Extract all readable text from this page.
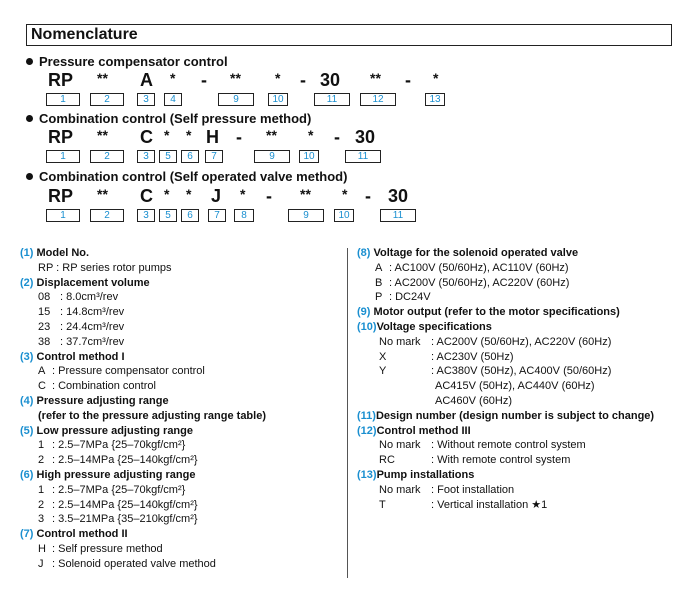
Nomenclature
Pressure compensator control
RP ** A * - ** * - 30 ** - *
1	2	3	4	9	10	11	12	13
Combination control (Self pressure method)
RP ** C * * H - ** * - 30
1	2	3	5	6	7	9	10	11
Combination control (Self operated valve method)
RP ** C * * J * - ** * - 30
1	2	3	5	6	7	8	9	10	11
(1) Model No.
RP : RP series rotor pumps
(2) Displacement volume
08 : 8.0cm³/rev
15 : 14.8cm³/rev
23 : 24.4cm³/rev
38 : 37.7cm³/rev
(3) Control method I
A : Pressure compensator control
C : Combination control
(4) Pressure adjusting range
(refer to the pressure adjusting range table)
(5) Low pressure adjusting range
1 : 2.5–7MPa {25–70kgf/cm²}
2 : 2.5–14MPa {25–140kgf/cm²}
(6) High pressure adjusting range
1 : 2.5–7MPa {25–70kgf/cm²}
2 : 2.5–14MPa {25–140kgf/cm²}
3 : 3.5–21MPa {35–210kgf/cm²}
(7) Control method II
H : Self pressure method
J : Solenoid operated valve method
(8) Voltage for the solenoid operated valve
A : AC100V (50/60Hz), AC110V (60Hz)
B : AC200V (50/60Hz), AC220V (60Hz)
P : DC24V
(9) Motor output (refer to the motor specifications)
(10)Voltage specifications
No mark : AC200V (50/60Hz), AC220V (60Hz)
X	: AC230V (50Hz)
Y	: AC380V (50Hz), AC400V (50/60Hz)
AC415V (50Hz), AC440V (60Hz)
AC460V (60Hz)
(11)Design number (design number is subject to change)
(12)Control method III
No mark : Without remote control system
RC	: With remote control system
(13)Pump installations
No mark : Foot installation
T	: Vertical installation ★1
